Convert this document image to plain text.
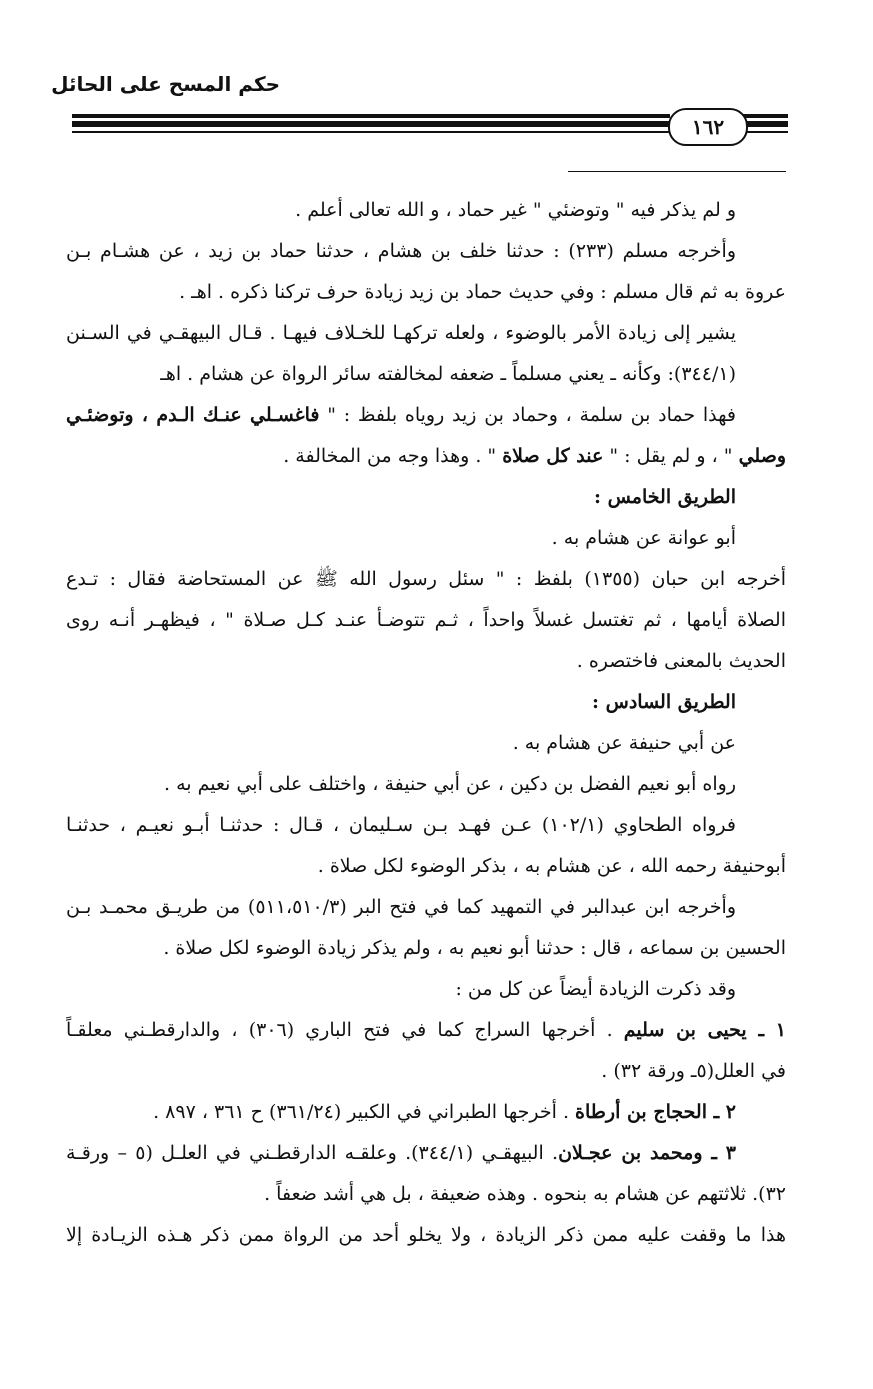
حكم المسح على الحائل
١٦٢
و لم يذكر فيه " وتوضئي " غير حماد ، و الله تعالى أعلم .
وأخرجه مسلم (٢٣٣) : حدثنا خلف بن هشام ، حدثنا حماد بن زيد ، عن هشـام بـن
عروة به ثم قال مسلم : وفي حديث حماد بن زيد زيادة حرف تركنا ذكره . اهـ .
يشير إلى زيادة الأمر بالوضوء ، ولعله تركهـا للخـلاف فيهـا . قـال البيهقـي في السـنن
(٣٤٤/١): وكأنه ـ يعني مسلماً ـ ضعفه لمخالفته سائر الرواة عن هشام . اهـ
فهذا حماد بن سلمة ، وحماد بن زيد روياه بلفظ : " فاغسـلي عنـك الـدم ، وتوضئـي
وصلي " ، و لم يقل : " عند كل صلاة " . وهذا وجه من المخالفة .
الطريق الخامس :
أبو عوانة عن هشام به .
أخرجه ابن حبان (١٣٥٥) بلفظ : " سئل رسول الله ﷺ عن المستحاضة فقال : تـدع
الصلاة أيامها ، ثم تغتسل غسلاً واحداً ، ثـم تتوضـأ عنـد كـل صـلاة " ، فيظهـر أنـه روى
الحديث بالمعنى فاختصره .
الطريق السادس :
عن أبي حنيفة عن هشام به .
رواه أبو نعيم الفضل بن دكين ، عن أبي حنيفة ، واختلف على أبي نعيم به .
فرواه الطحاوي (١٠٢/١) عـن فهـد بـن سـليمان ، قـال : حدثنـا أبـو نعيـم ، حدثنـا
أبوحنيفة رحمه الله ، عن هشام به ، بذكر الوضوء لكل صلاة .
وأخرجه ابن عبدالبر في التمهيد كما في فتح البر (٥١١،٥١٠/٣) من طريـق محمـد بـن
الحسين بن سماعه ، قال : حدثنا أبو نعيم به ، ولم يذكر زيادة الوضوء لكل صلاة .
وقد ذكرت الزيادة أيضاً عن كل من :
١ ـ يحيى بن سليم . أخرجها السراج كما في فتح الباري (٣٠٦) ، والدارقطـني معلقـاً
في العلل(٥ـ ورقة ٣٢) .
٢ ـ الحجاج بن أرطاة . أخرجها الطبراني في الكبير (٣٦١/٢٤) ح ٣٦١ ، ٨٩٧ .
٣ ـ ومحمد بن عجـلان. البيهقـي (٣٤٤/١). وعلقـه الدارقطـني في العلـل (٥ – ورقـة
٣٢). ثلاثتهم عن هشام به بنحوه . وهذه ضعيفة ، بل هي أشد ضعفاً .
هذا ما وقفت عليه ممن ذكر الزيادة ، ولا يخلو أحد من الرواة ممن ذكر هـذه الزيـادة إلا
